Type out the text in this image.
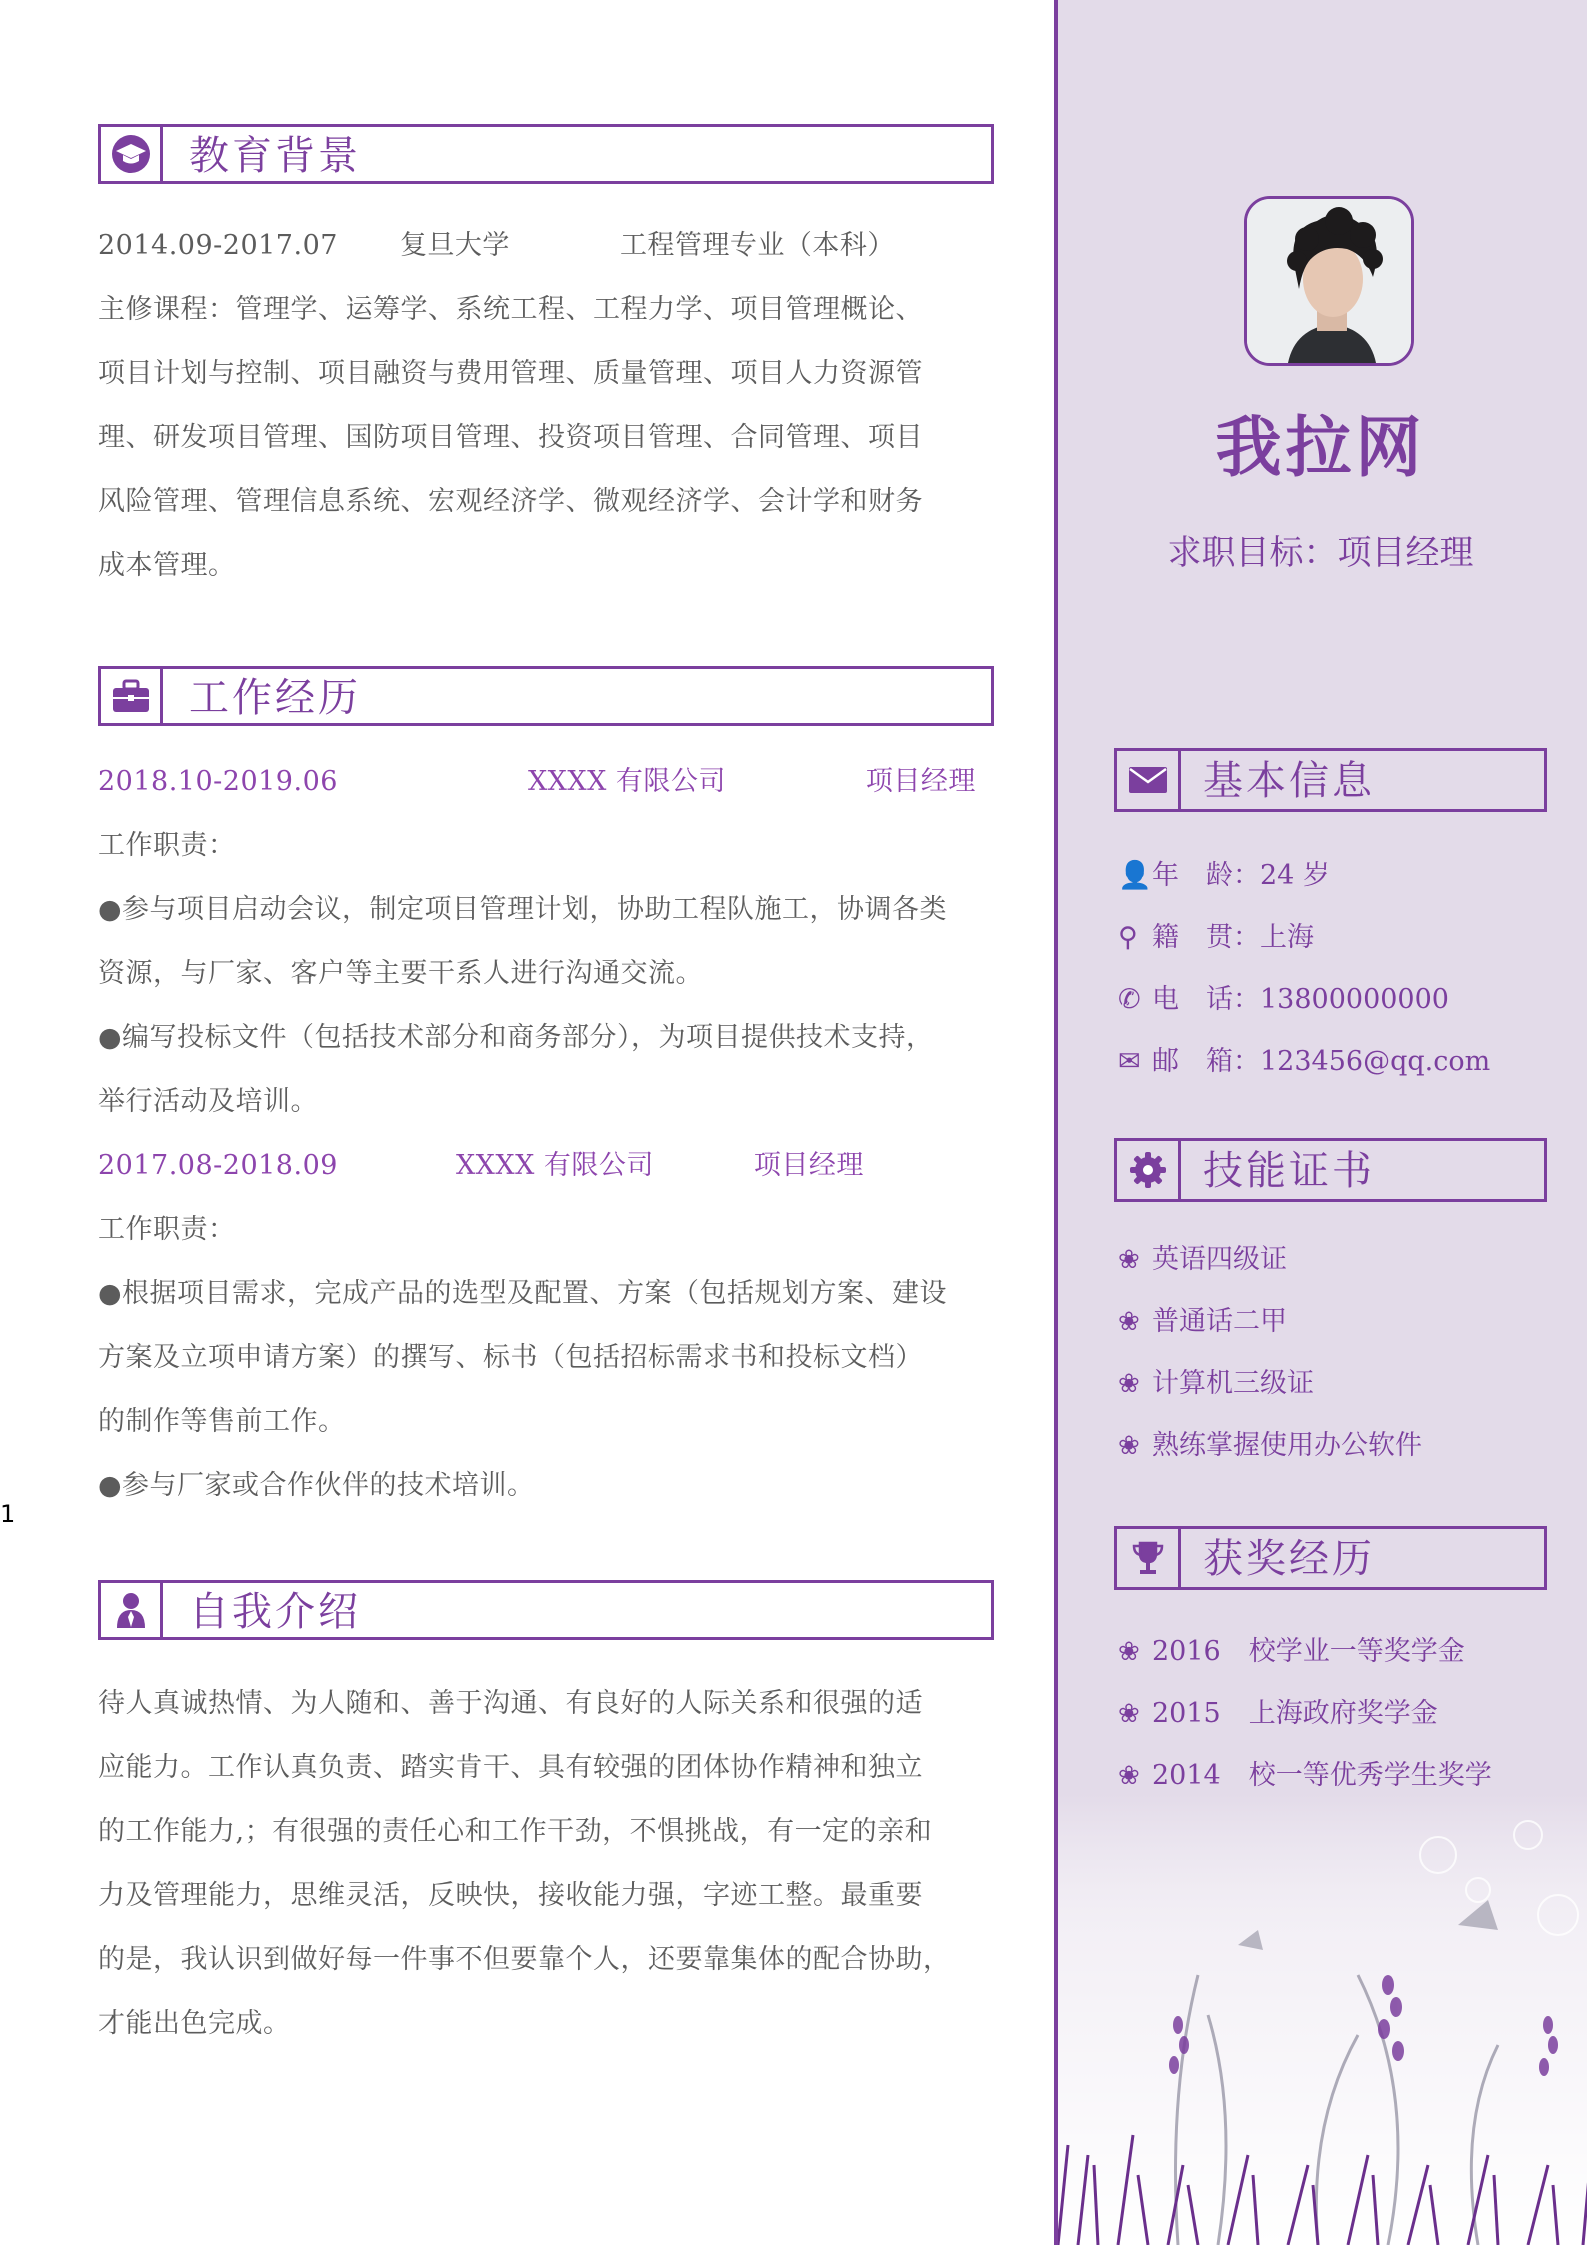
教育背景
2014.09-2017.07 复旦大学	工程管理专业（本科）
主修课程：管理学、运筹学、系统工程、工程力学、项目管理概论、
项目计划与控制、项目融资与费用管理、质量管理、项目人力资源管
理、研发项目管理、国防项目管理、投资项目管理、合同管理、项目
风险管理、管理信息系统、宏观经济学、微观经济学、会计学和财务
成本管理。
工作经历
2018.10-2019.06	XXXX 有限公司	项目经理
工作职责：
●参与项目启动会议，制定项目管理计划，协助工程队施工，协调各类
资源，与厂家、客户等主要干系人进行沟通交流。
●编写投标文件（包括技术部分和商务部分），为项目提供技术支持，
举行活动及培训。
2017.08-2018.09	XXXX 有限公司	项目经理
工作职责：
●根据项目需求，完成产品的选型及配置、方案（包括规划方案、建设
方案及立项申请方案）的撰写、标书（包括招标需求书和投标文档）
的制作等售前工作。
●参与厂家或合作伙伴的技术培训。
1
自我介绍
待人真诚热情、为人随和、善于沟通、有良好的人际关系和很强的适
应能力。工作认真负责、踏实肯干、具有较强的团体协作精神和独立
的工作能力,；有很强的责任心和工作干劲，不惧挑战，有一定的亲和
力及管理能力，思维灵活，反映快，接收能力强，字迹工整。最重要
的是，我认识到做好每一件事不但要靠个人，还要靠集体的配合协助，
才能出色完成。
我拉网
求职目标：项目经理
基本信息
👤年　龄：24 岁
⚲ 籍　贯：上海
✆ 电　话：13800000000
✉ 邮　箱：123456@qq.com
技能证书
❀ 英语四级证
❀ 普通话二甲
❀ 计算机三级证
❀ 熟练掌握使用办公软件
获奖经历
❀ 2016 校学业一等奖学金
❀ 2015 上海政府奖学金
❀ 2014 校一等优秀学生奖学
